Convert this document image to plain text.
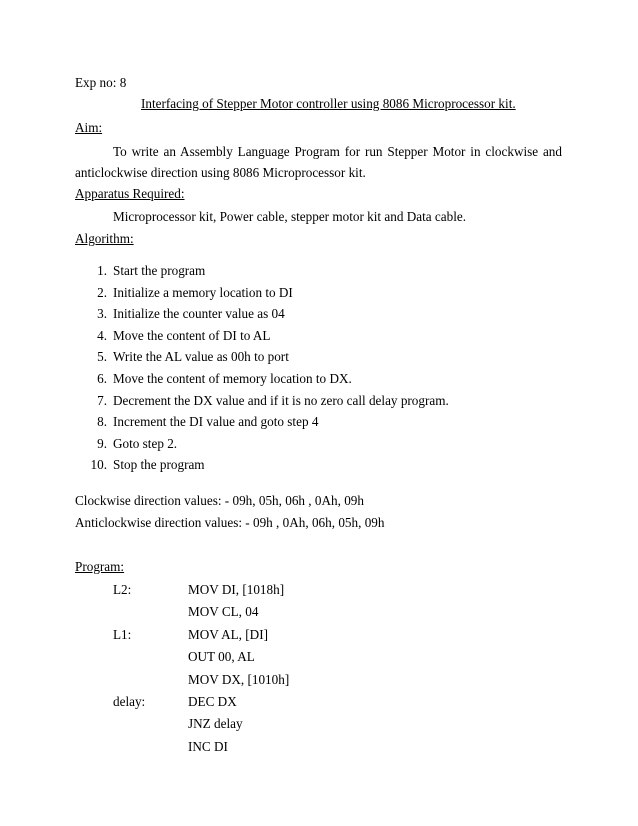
Exp no: 8
Interfacing of Stepper Motor controller using 8086 Microprocessor kit.
Aim:
To write an Assembly Language Program for run Stepper Motor in clockwise and
anticlockwise direction using 8086 Microprocessor kit.
Apparatus Required:
Microprocessor kit, Power cable, stepper motor kit and Data cable.
Algorithm:
1. Start the program
2. Initialize a memory location to DI
3. Initialize the counter value as 04
4. Move the content of DI to AL
5. Write the AL value as 00h to port
6. Move the content of memory location to DX.
7. Decrement the DX value and if it is no zero call delay program.
8. Increment the DI value and goto step 4
9. Goto step 2.
10. Stop the program
Clockwise direction values: - 09h, 05h, 06h , 0Ah, 09h
Anticlockwise direction values: - 09h , 0Ah, 06h, 05h, 09h
Program:
L2:	MOV DI, [1018h]
MOV CL, 04
L1:	MOV AL, [DI]
OUT 00, AL
MOV DX, [1010h]
delay:	DEC DX
JNZ delay
INC DI
